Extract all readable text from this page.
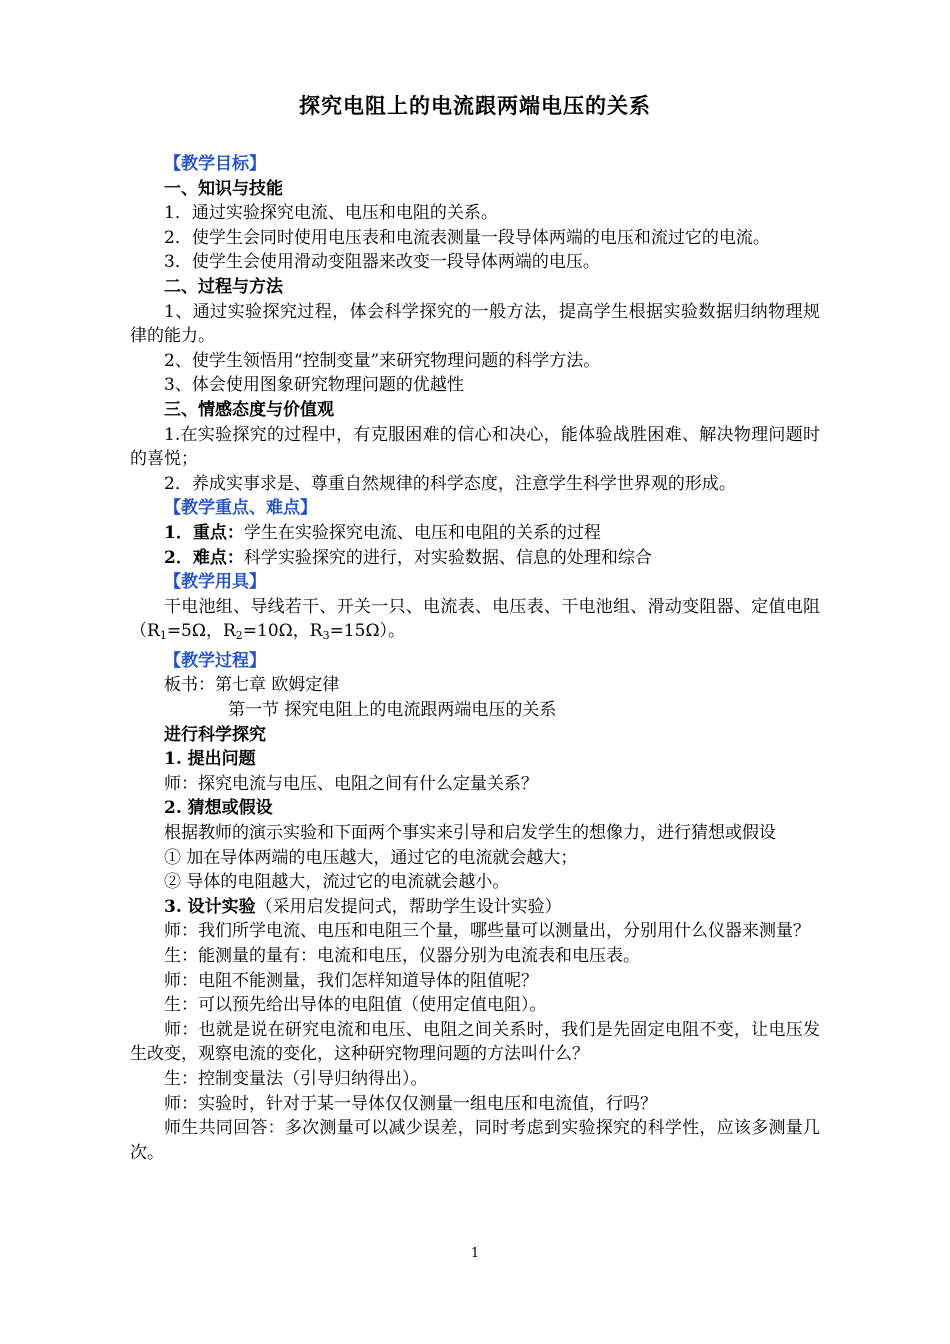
探究电阻上的电流跟两端电压的关系

【教学目标】

一、知识与技能

1．通过实验探究电流、电压和电阻的关系。

2．使学生会同时使用电压表和电流表测量一段导体两端的电压和流过它的电流。

3．使学生会使用滑动变阻器来改变一段导体两端的电压。

二、过程与方法

1、通过实验探究过程，体会科学探究的一般方法，提高学生根据实验数据归纳物理规律的能力。

2、使学生领悟用“控制变量”来研究物理问题的科学方法。

3、体会使用图象研究物理问题的优越性

三、情感态度与价值观

1.在实验探究的过程中，有克服困难的信心和决心，能体验战胜困难、解决物理问题时的喜悦；

2．养成实事求是、尊重自然规律的科学态度，注意学生科学世界观的形成。

【教学重点、难点】

1．重点：学生在实验探究电流、电压和电阻的关系的过程

2．难点：科学实验探究的进行，对实验数据、信息的处理和综合

【教学用具】

干电池组、导线若干、开关一只、电流表、电压表、干电池组、滑动变阻器、定值电阻（$R_1=5\Omega$，$R_2=10\Omega$，$R_3=15\Omega$）。

【教学过程】

板书：第七章 欧姆定律

第一节 探究电阻上的电流跟两端电压的关系

进行科学探究

1. 提出问题

师：探究电流与电压、电阻之间有什么定量关系？

2. 猜想或假设

根据教师的演示实验和下面两个事实来引导和启发学生的想像力，进行猜想或假设

① 加在导体两端的电压越大，通过它的电流就会越大；

② 导体的电阻越大，流过它的电流就会越小。

3. 设计实验（采用启发提问式，帮助学生设计实验）

师：我们所学电流、电压和电阻三个量，哪些量可以测量出，分别用什么仪器来测量？

生：能测量的量有：电流和电压，仪器分别为电流表和电压表。

师：电阻不能测量，我们怎样知道导体的阻值呢？

生：可以预先给出导体的电阻值（使用定值电阻）。

师：也就是说在研究电流和电压、电阻之间关系时，我们是先固定电阻不变，让电压发生改变，观察电流的变化，这种研究物理问题的方法叫什么？

生：控制变量法（引导归纳得出）。

师：实验时，针对于某一导体仅仅测量一组电压和电流值，行吗？

师生共同回答：多次测量可以减少误差，同时考虑到实验探究的科学性，应该多测量几次。

1
